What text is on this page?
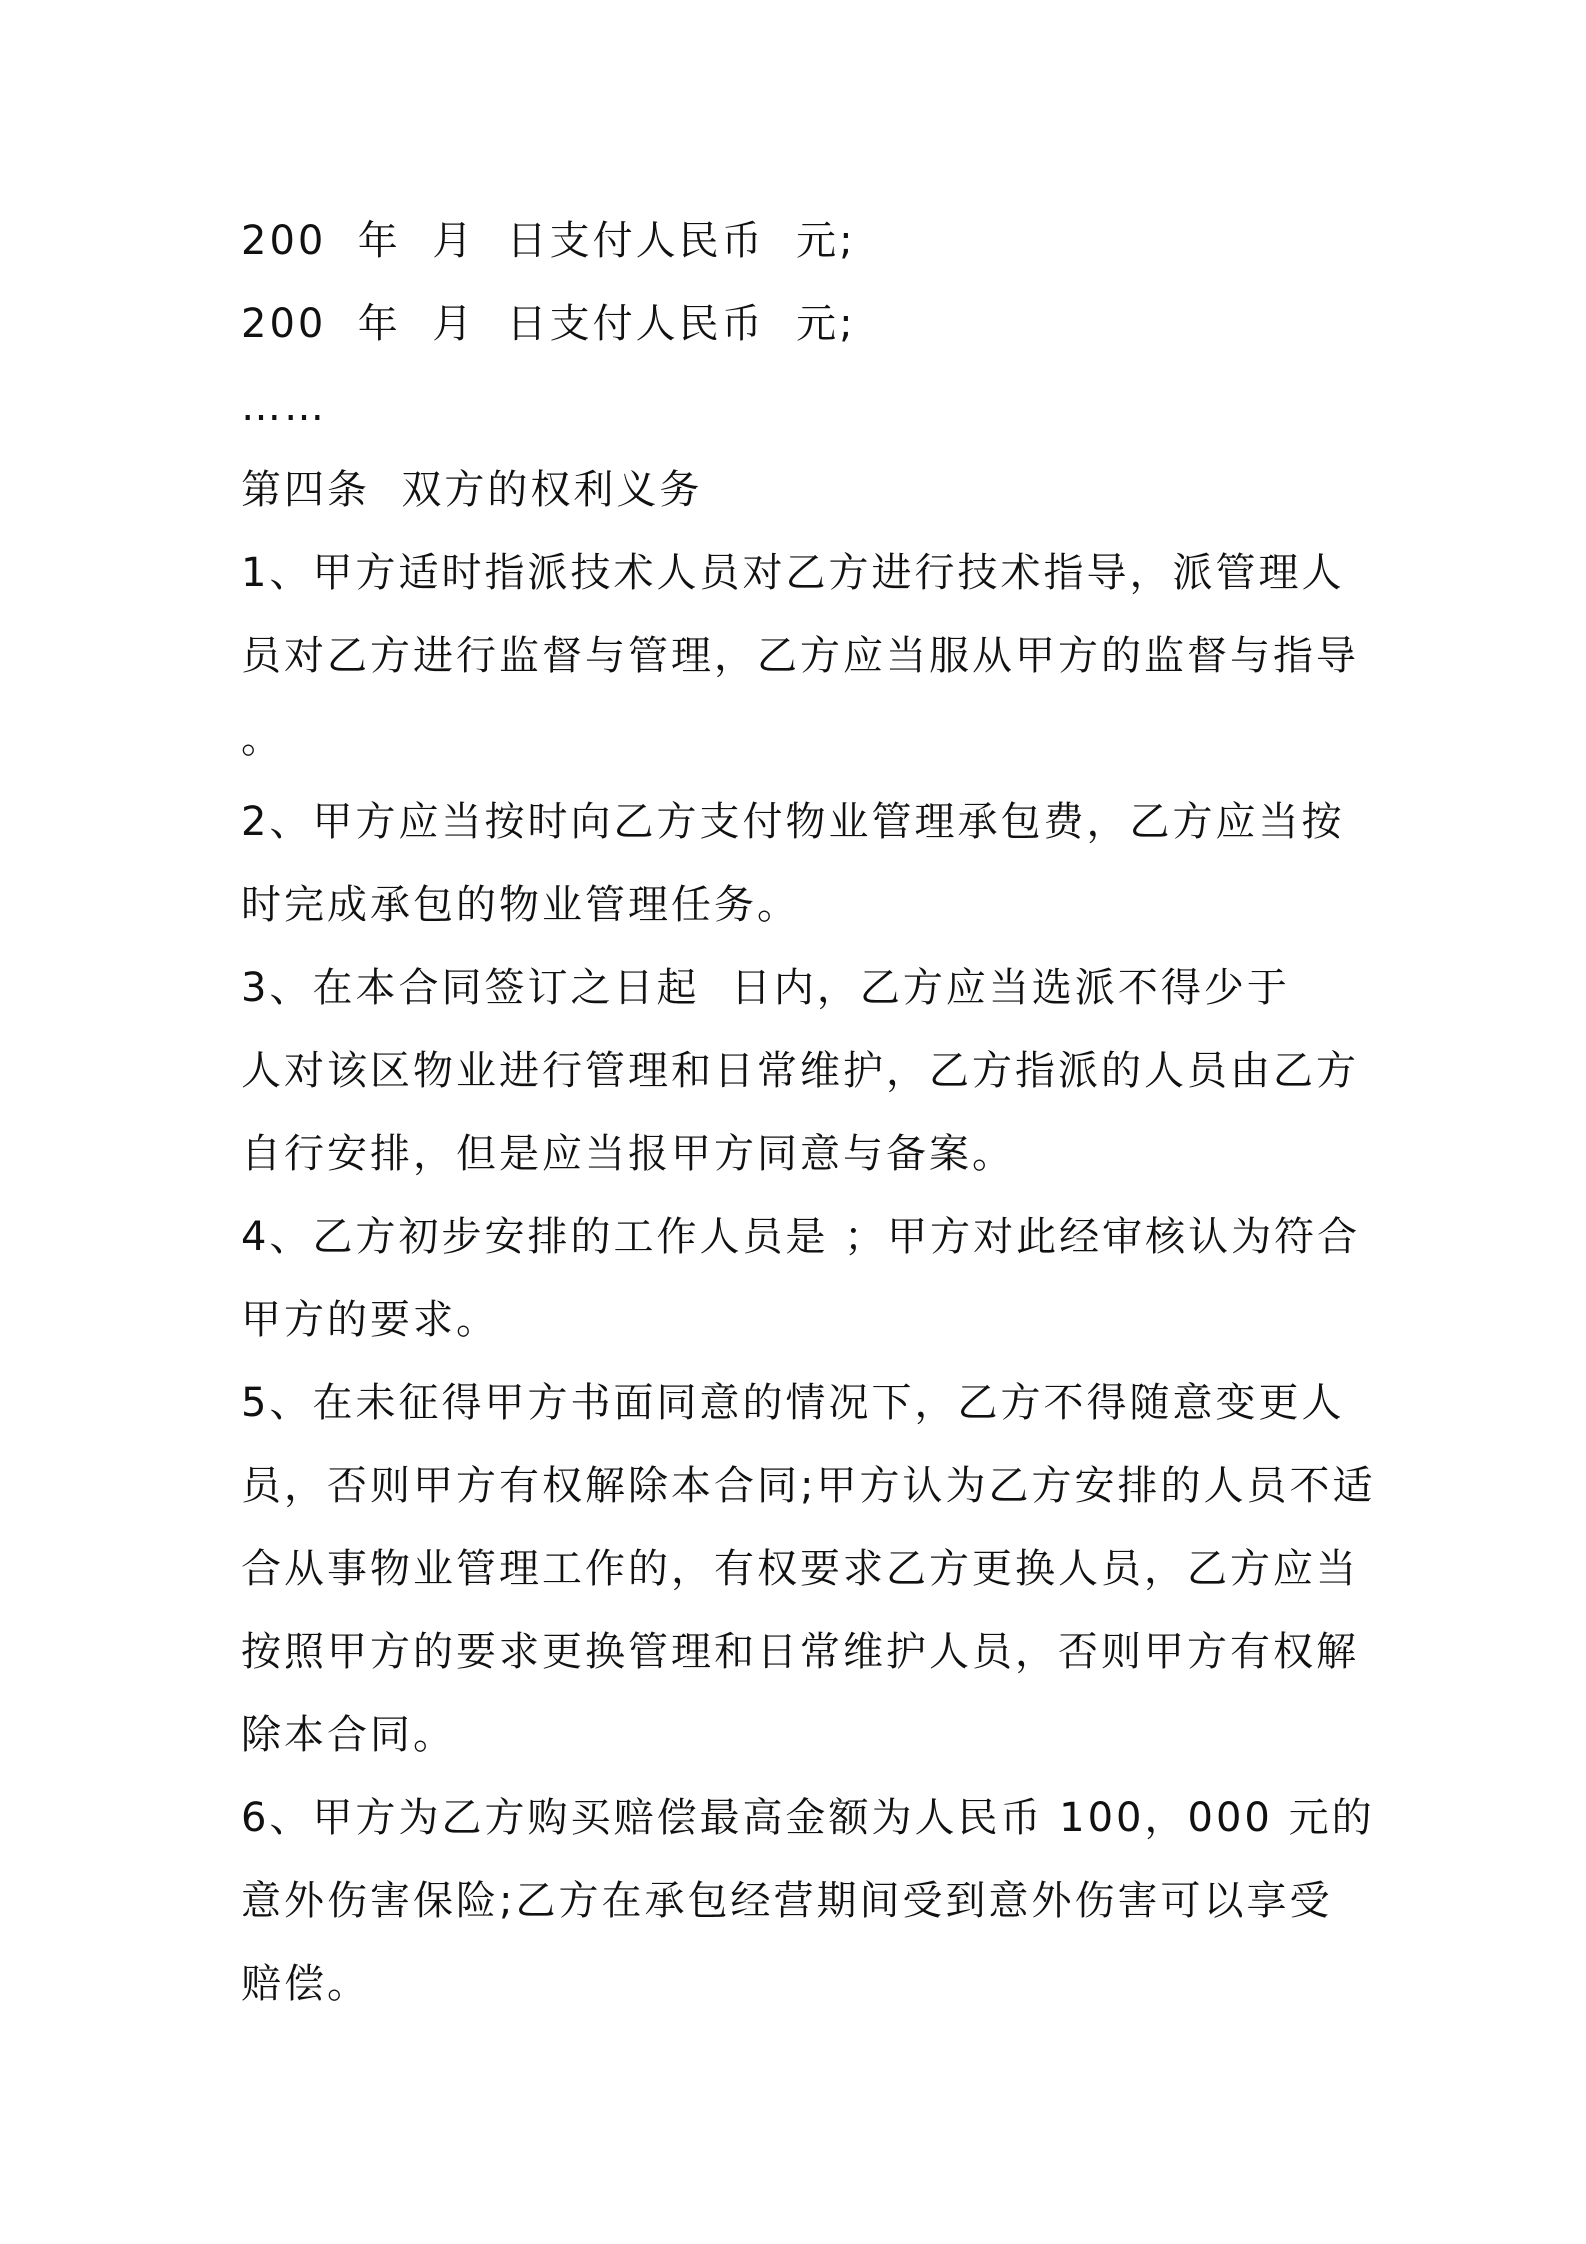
200  年  月  日支付人民币  元;
200  年  月  日支付人民币  元;
……
第四条  双方的权利义务
1、甲方适时指派技术人员对乙方进行技术指导，派管理人
员对乙方进行监督与管理，乙方应当服从甲方的监督与指导
。
2、甲方应当按时向乙方支付物业管理承包费，乙方应当按
时完成承包的物业管理任务。
3、在本合同签订之日起  日内，乙方应当选派不得少于
人对该区物业进行管理和日常维护，乙方指派的人员由乙方
自行安排，但是应当报甲方同意与备案。
4、乙方初步安排的工作人员是 ；甲方对此经审核认为符合
甲方的要求。
5、在未征得甲方书面同意的情况下，乙方不得随意变更人
员，否则甲方有权解除本合同;甲方认为乙方安排的人员不适
合从事物业管理工作的，有权要求乙方更换人员，乙方应当
按照甲方的要求更换管理和日常维护人员，否则甲方有权解
除本合同。
6、甲方为乙方购买赔偿最高金额为人民币 100，000 元的
意外伤害保险;乙方在承包经营期间受到意外伤害可以享受
赔偿。
